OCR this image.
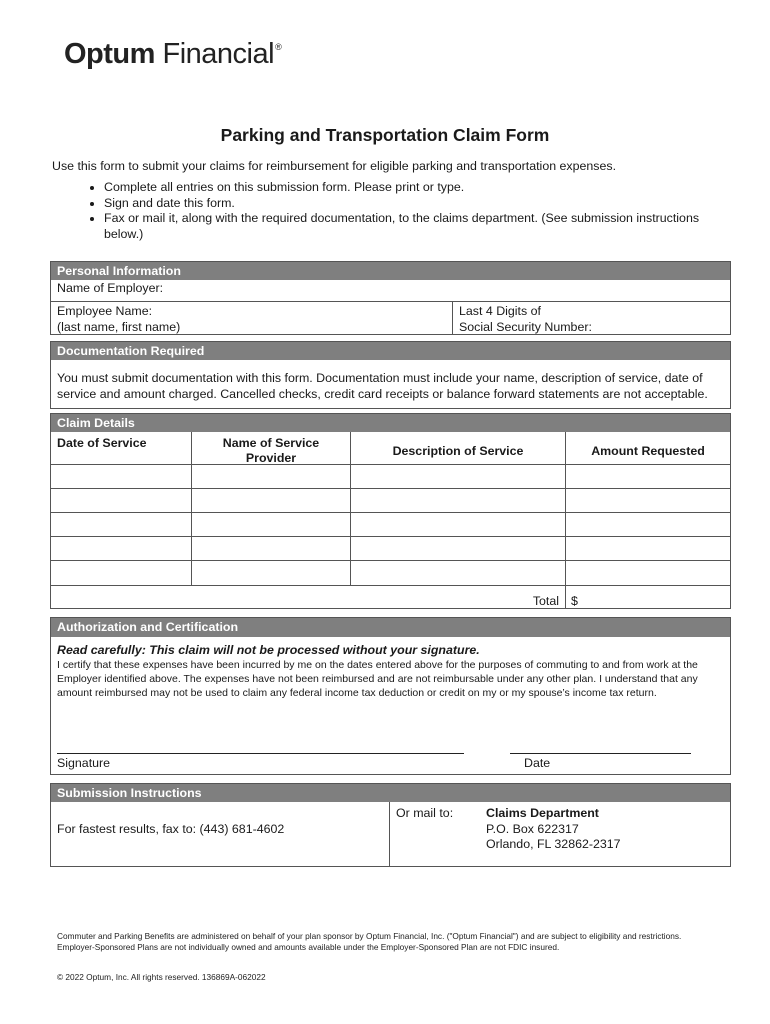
Optum Financial®
Parking and Transportation Claim Form
Use this form to submit your claims for reimbursement for eligible parking and transportation expenses.
• Complete all entries on this submission form. Please print or type.
• Sign and date this form.
• Fax or mail it, along with the required documentation, to the claims department. (See submission instructions below.)
Personal Information
Name of Employer:
Employee Name:
(last name, first name)
Last 4 Digits of
Social Security Number:
Documentation Required
You must submit documentation with this form. Documentation must include your name, description of service, date of service and amount charged. Cancelled checks, credit card receipts or balance forward statements are not acceptable.
Claim Details
Date of Service	Name of Service Provider	Description of Service	Amount Requested
Total $
Authorization and Certification
Read carefully: This claim will not be processed without your signature.
I certify that these expenses have been incurred by me on the dates entered above for the purposes of commuting to and from work at the Employer identified above. The expenses have not been reimbursed and are not reimbursable under any other plan. I understand that any amount reimbursed may not be used to claim any federal income tax deduction or credit on my or my spouse’s income tax return.
Signature	Date
Submission Instructions
For fastest results, fax to: (443) 681-4602
Or mail to:	Claims Department
P.O. Box 622317
Orlando, FL 32862-2317
Commuter and Parking Benefits are administered on behalf of your plan sponsor by Optum Financial, Inc. ("Optum Financial") and are subject to eligibility and restrictions. Employer-Sponsored Plans are not individually owned and amounts available under the Employer-Sponsored Plan are not FDIC insured.
© 2022 Optum, Inc. All rights reserved. 136869A-062022
